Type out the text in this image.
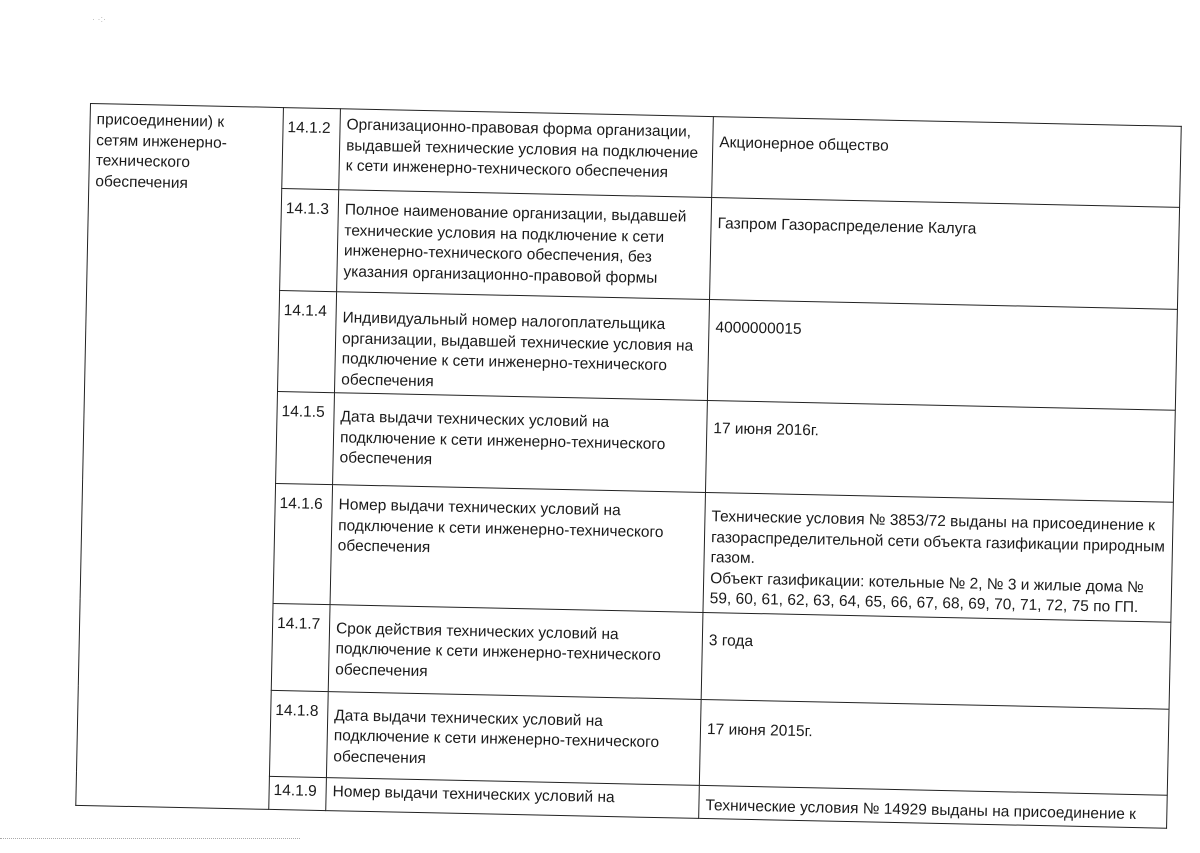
· ·:·
присоединении) к сетям инженерно-технического обеспечения	14.1.2	Организационно-правовая форма организации, выдавшей технические условия на подключение к сети инженерно-технического обеспечения	Акционерное общество
	14.1.3	Полное наименование организации, выдавшей технические условия на подключение к сети инженерно-технического обеспечения, без указания организационно-правовой формы	Газпром Газораспределение Калуга
	14.1.4	Индивидуальный номер налогоплательщика организации, выдавшей технические условия на подключение к сети инженерно-технического обеспечения	4000000015
	14.1.5	Дата выдачи технических условий на подключение к сети инженерно-технического обеспечения	17 июня 2016г.
	14.1.6	Номер выдачи технических условий на подключение к сети инженерно-технического обеспечения	Технические условия № 3853/72 выданы на присоединение к газораспределительной сети объекта газификации природным газом.
Объект газификации: котельные № 2, № 3 и жилые дома № 59, 60, 61, 62, 63, 64, 65, 66, 67, 68, 69, 70, 71, 72, 75 по ГП.
	14.1.7	Срок действия технических условий на подключение к сети инженерно-технического обеспечения	3 года
	14.1.8	Дата выдачи технических условий на подключение к сети инженерно-технического обеспечения	17 июня 2015г.
	14.1.9	Номер выдачи технических условий на	Технические условия № 14929 выданы на присоединение к
